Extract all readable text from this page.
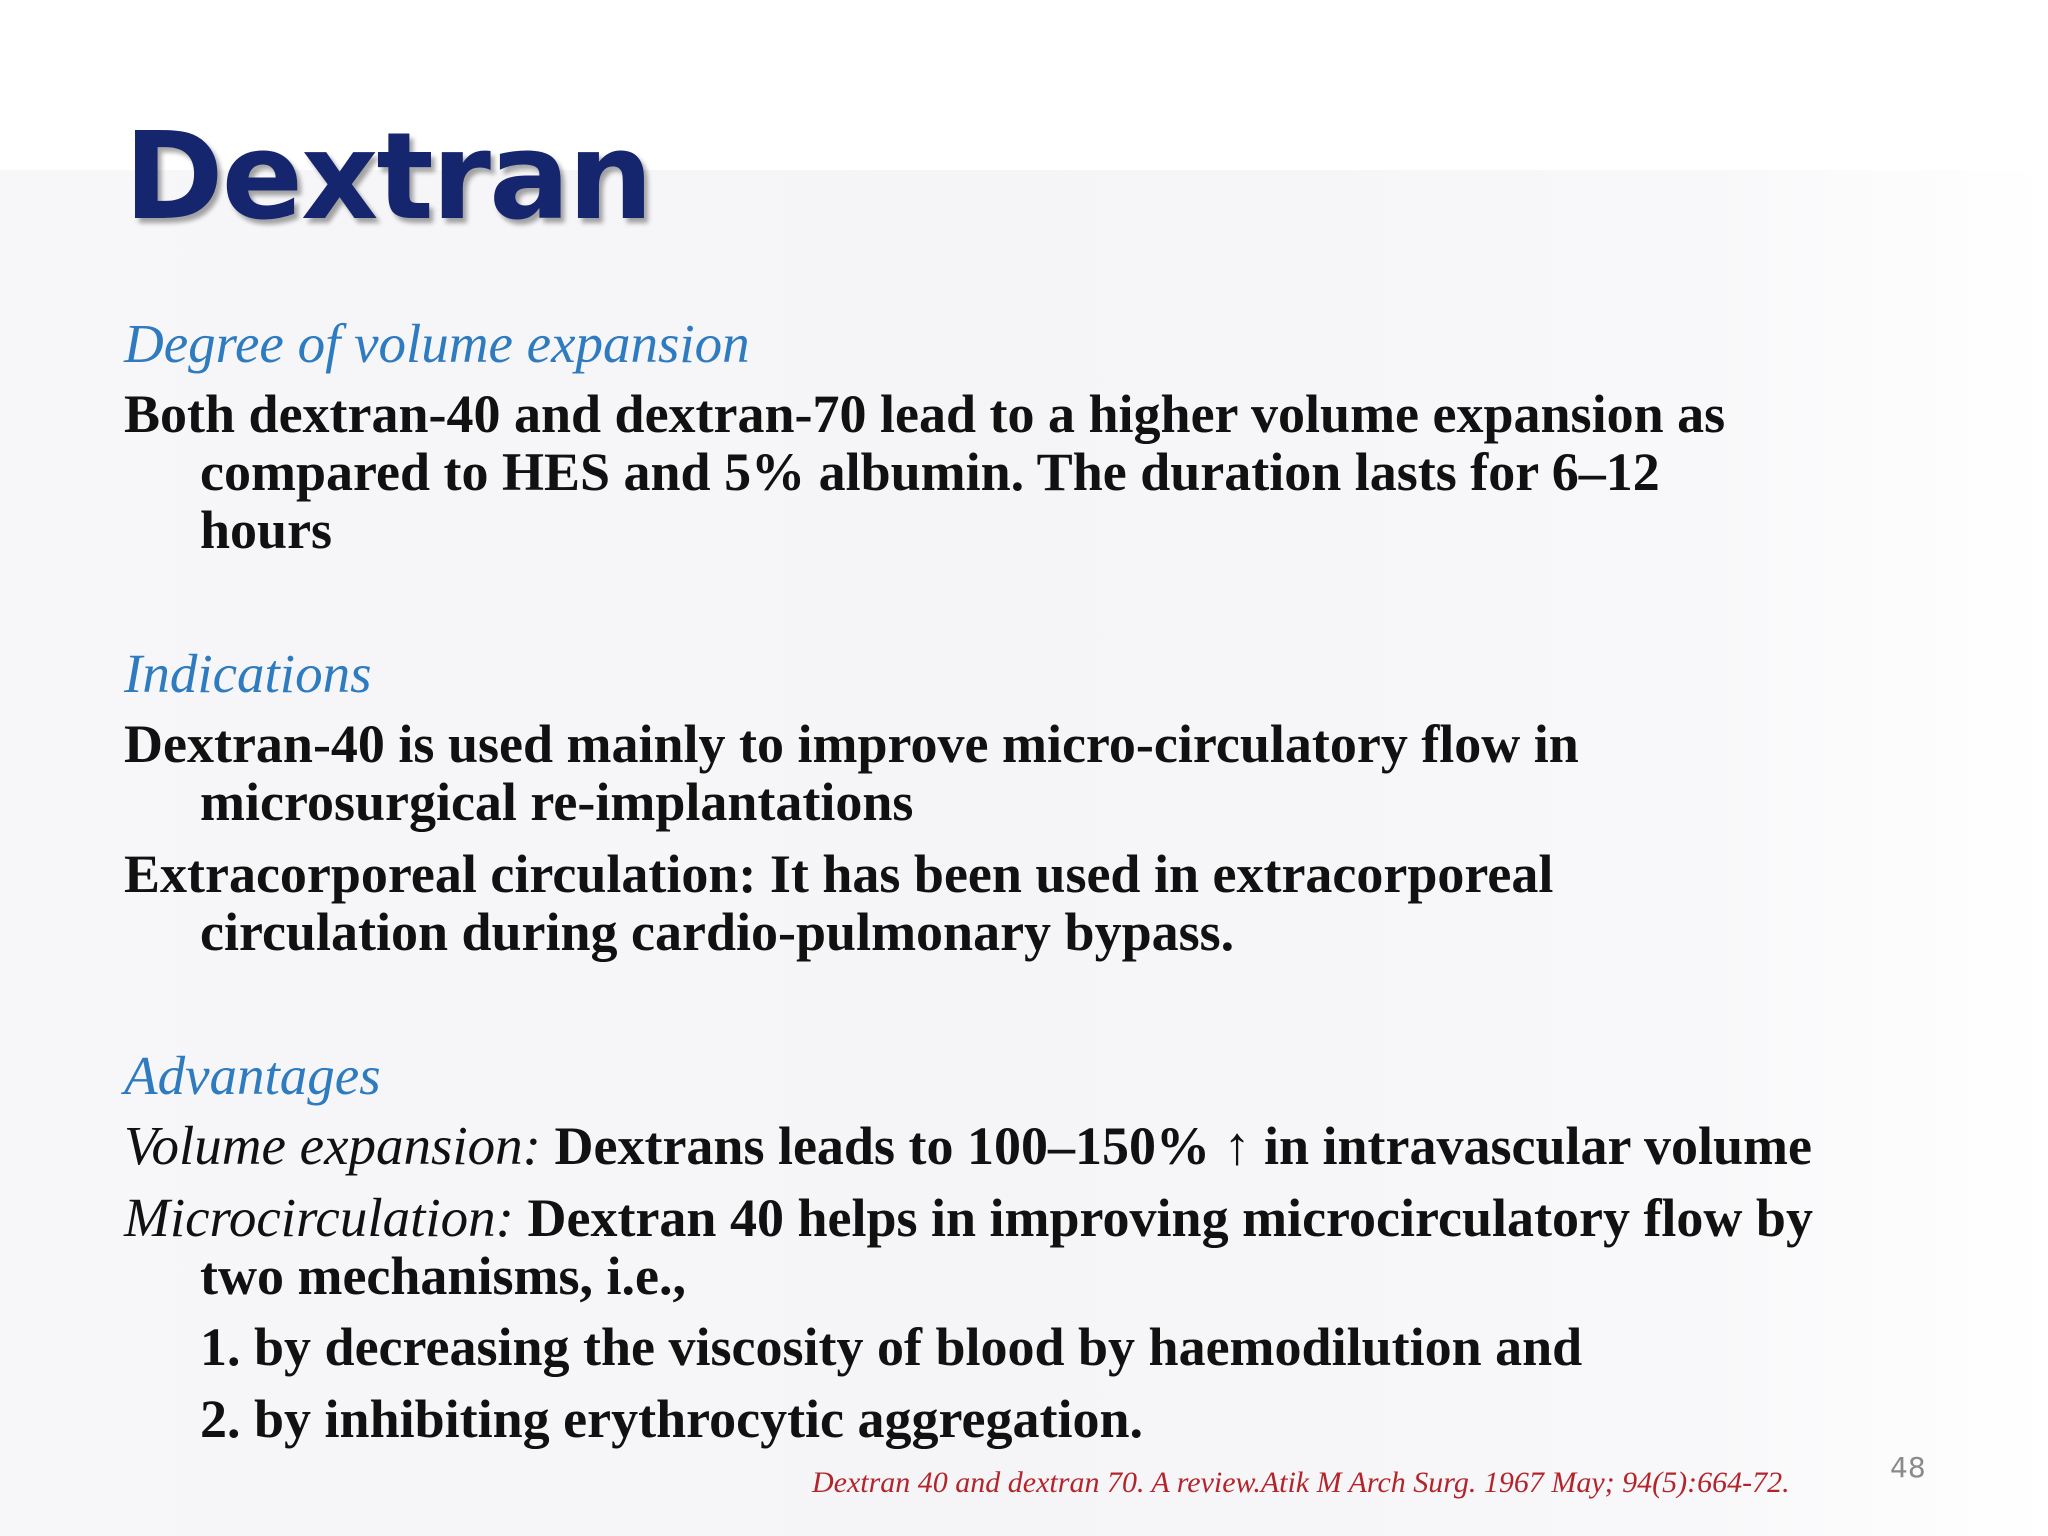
Dextran
Degree of volume expansion
Both dextran-40 and dextran-70 lead to a higher volume expansion as
compared to HES and 5% albumin. The duration lasts for 6–12
hours
Indications
Dextran-40 is used mainly to improve micro-circulatory flow in
microsurgical re-implantations
Extracorporeal circulation: It has been used in extracorporeal
circulation during cardio-pulmonary bypass.
Advantages
Volume expansion: Dextrans leads to 100–150% ↑ in intravascular volume
Microcirculation: Dextran 40 helps in improving microcirculatory flow by
two mechanisms, i.e.,
1. by decreasing the viscosity of blood by haemodilution and
2. by inhibiting erythrocytic aggregation.
Dextran 40 and dextran 70. A review.Atik M Arch Surg. 1967 May; 94(5):664-72.	48
